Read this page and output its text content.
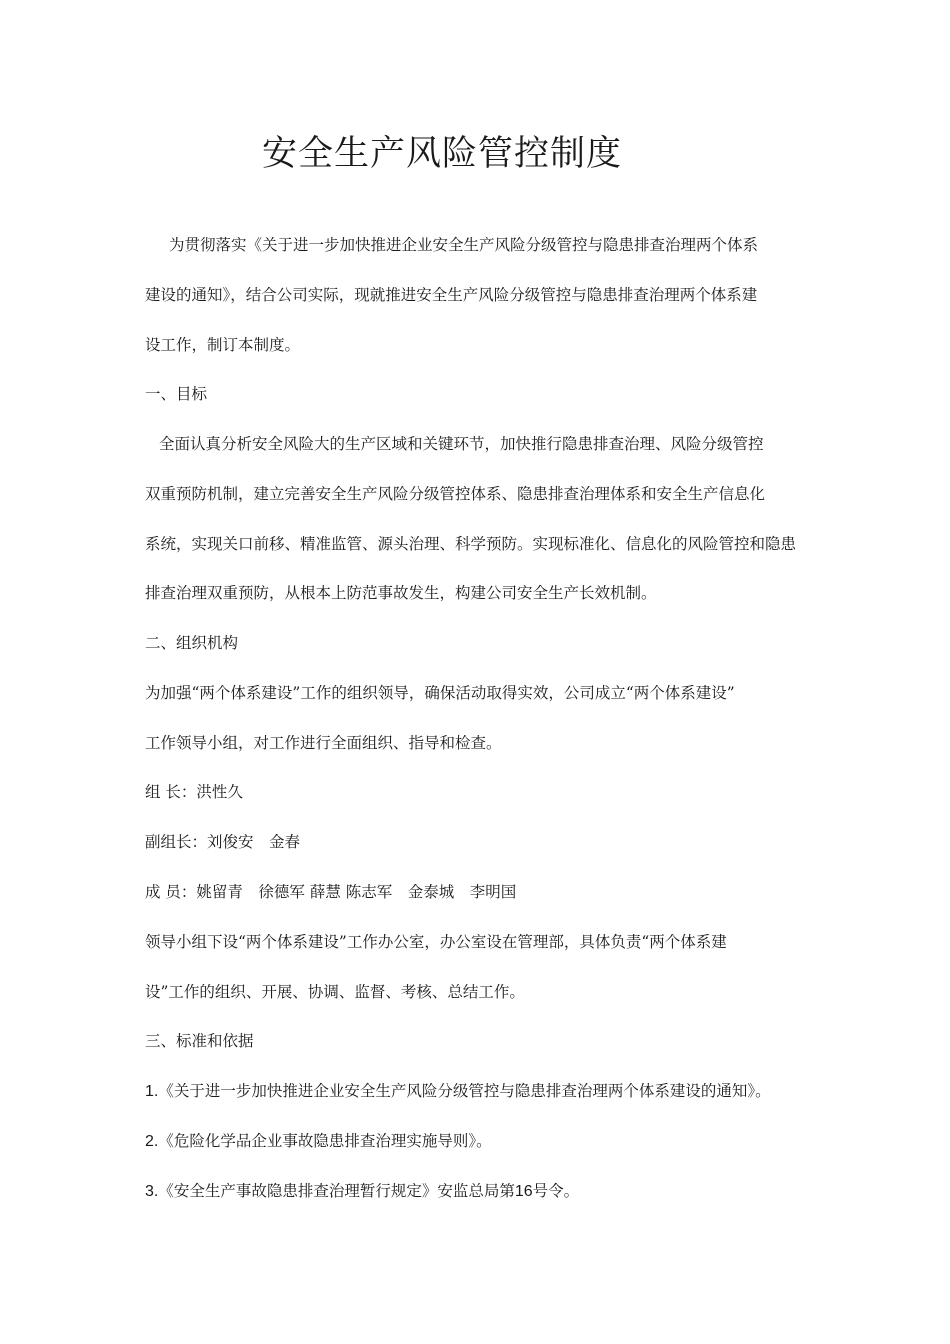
安全生产风险管控制度

为贯彻落实《关于进一步加快推进企业安全生产风险分级管控与隐患排查治理两个体系

建设的通知》，结合公司实际，现就推进安全生产风险分级管控与隐患排查治理两个体系建

设工作，制订本制度。

一、目标

全面认真分析安全风险大的生产区域和关键环节，加快推行隐患排查治理、风险分级管控

双重预防机制，建立完善安全生产风险分级管控体系、隐患排查治理体系和安全生产信息化

系统，实现关口前移、精准监管、源头治理、科学预防。实现标准化、信息化的风险管控和隐患

排查治理双重预防，从根本上防范事故发生，构建公司安全生产长效机制。

二、组织机构

为加强“两个体系建设”工作的组织领导，确保活动取得实效，公司成立“两个体系建设”

工作领导小组，对工作进行全面组织、指导和检查。

组 长：洪性久

副组长：刘俊安　金春

成 员：姚留青　徐德军 薛慧 陈志军　金泰城　李明国

领导小组下设“两个体系建设”工作办公室，办公室设在管理部，具体负责“两个体系建

设”工作的组织、开展、协调、监督、考核、总结工作。

三、标准和依据

1.《关于进一步加快推进企业安全生产风险分级管控与隐患排查治理两个体系建设的通知》。

2.《危险化学品企业事故隐患排查治理实施导则》。

3.《安全生产事故隐患排查治理暂行规定》安监总局第16号令。
